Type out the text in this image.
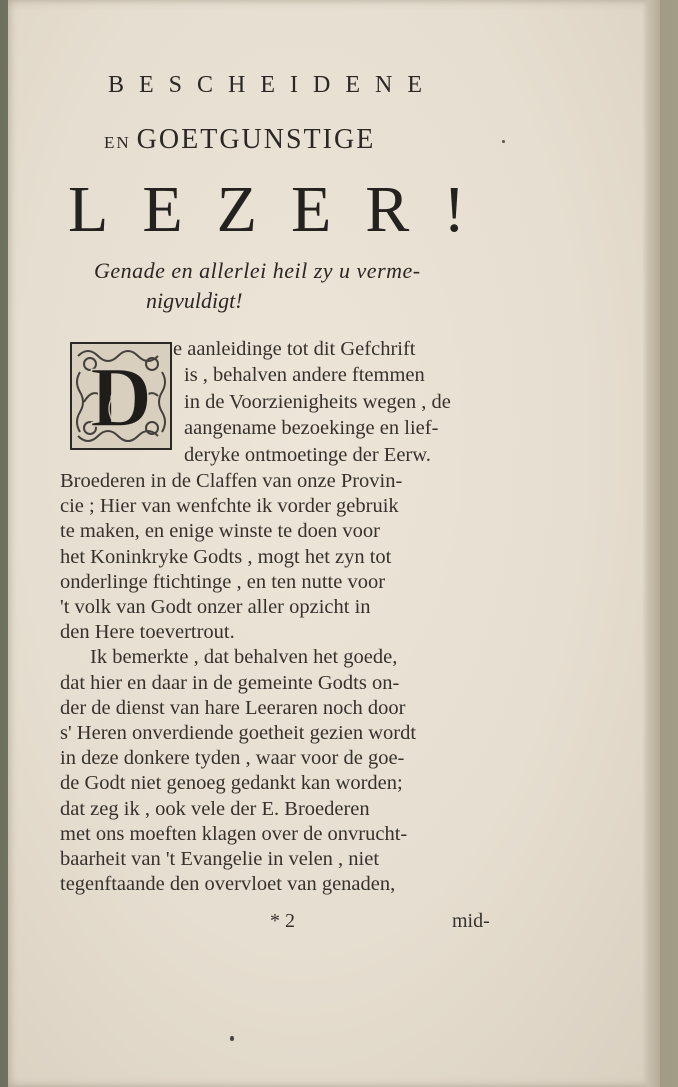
BESCHEIDENE
EN GOETGUNSTIGE
LEZER!
Genade en allerlei heil zy u verme-
nigvuldigt!
D e aanleidinge tot dit Gefchrift
is , behalven andere ftemmen
in de Voorzienigheits wegen , de
aangename bezoekinge en lief-
deryke ontmoetinge der Eerw.
Broederen in de Claffen van onze Provin-
cie ; Hier van wenfchte ik vorder gebruik
te maken, en enige winste te doen voor
het Koninkryke Godts , mogt het zyn tot
onderlinge ftichtinge , en ten nutte voor
't volk van Godt onzer aller opzicht in
den Here toevertrout.
Ik bemerkte , dat behalven het goede,
dat hier en daar in de gemeinte Godts on-
der de dienst van hare Leeraren noch door
s' Heren onverdiende goetheit gezien wordt
in deze donkere tyden , waar voor de goe-
de Godt niet genoeg gedankt kan worden;
dat zeg ik , ook vele der E. Broederen
met ons moeften klagen over de onvrucht-
baarheit van 't Evangelie in velen , niet
tegenftaande den overvloet van genaden,
* 2	mid-
